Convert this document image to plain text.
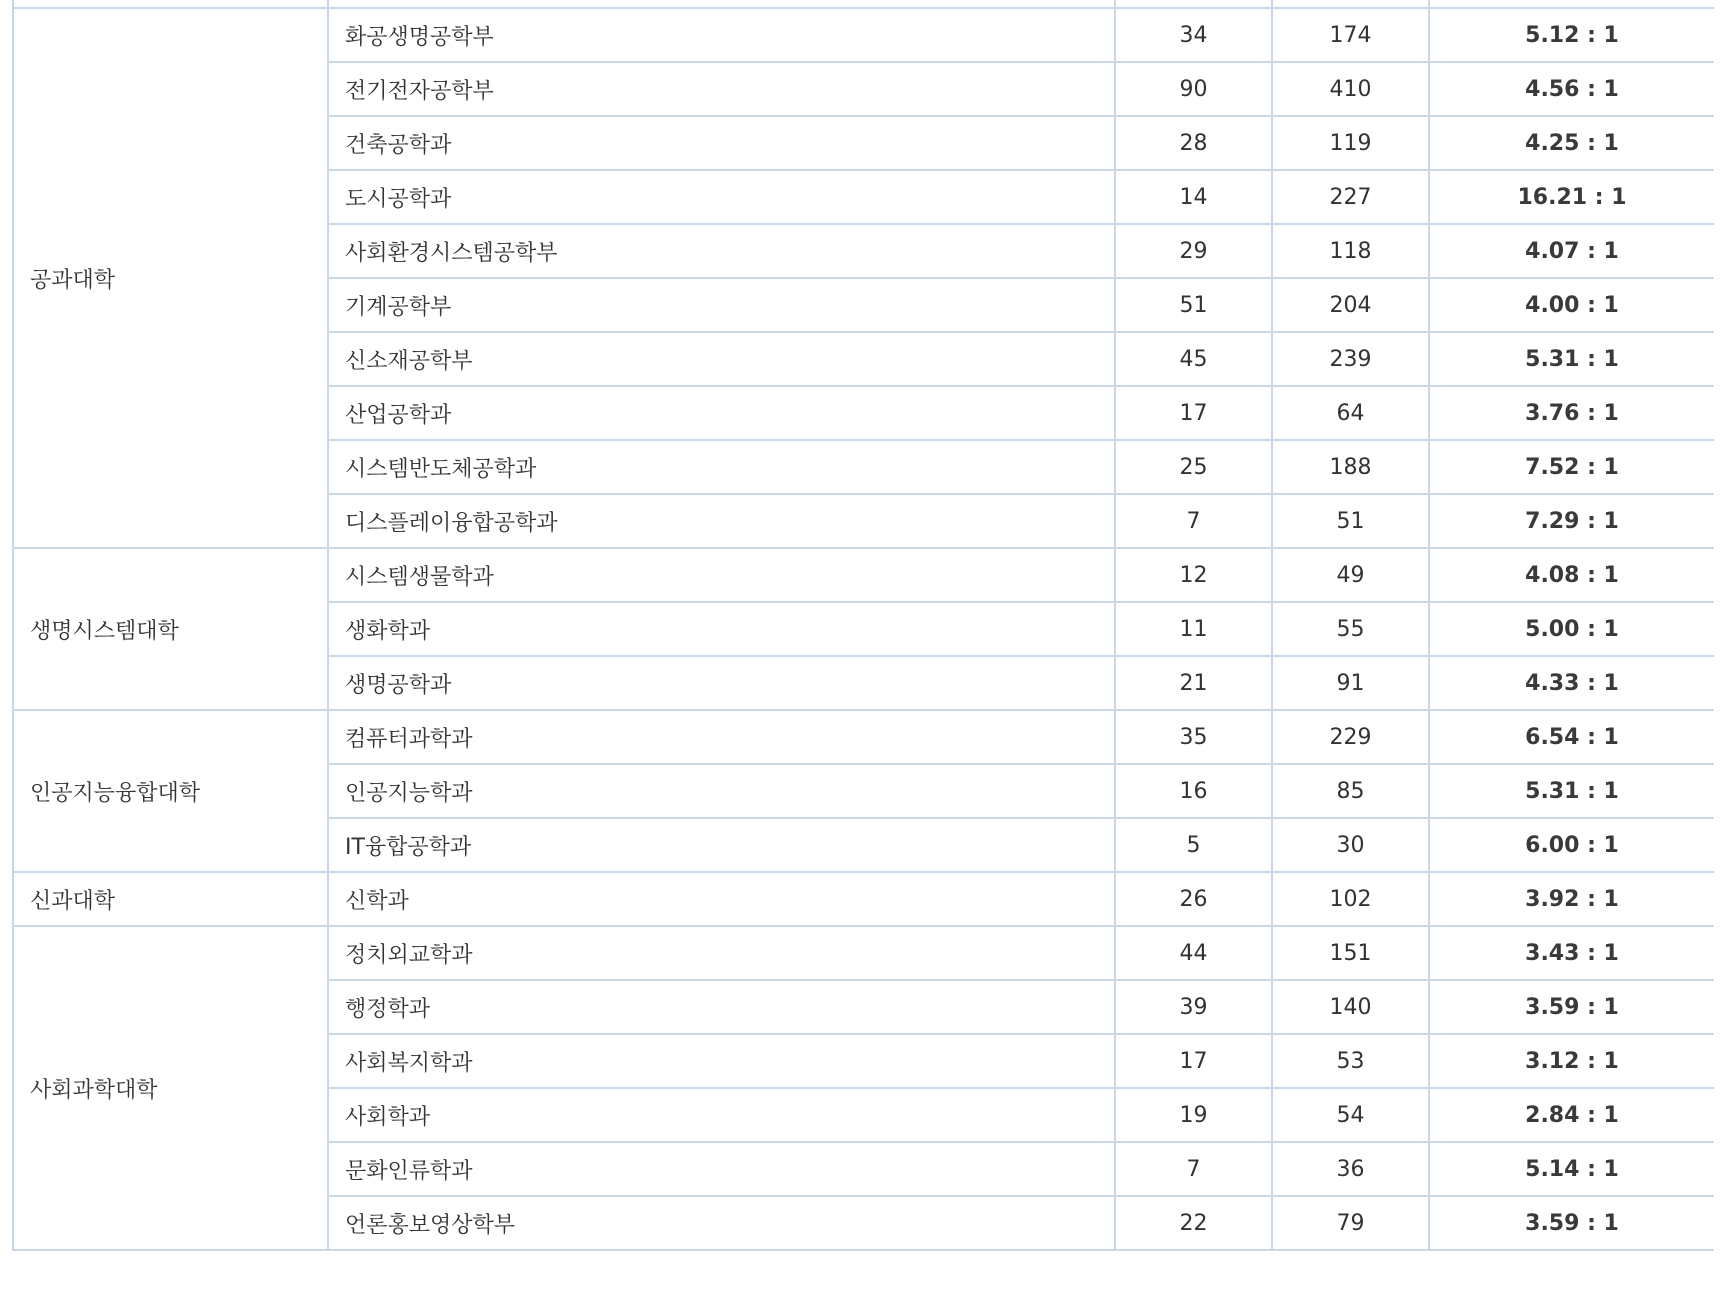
공과대학	화공생명공학부	34	174	5.12 : 1
	전기전자공학부	90	410	4.56 : 1
	건축공학과	28	119	4.25 : 1
	도시공학과	14	227	16.21 : 1
	사회환경시스템공학부	29	118	4.07 : 1
	기계공학부	51	204	4.00 : 1
	신소재공학부	45	239	5.31 : 1
	산업공학과	17	64	3.76 : 1
	시스템반도체공학과	25	188	7.52 : 1
	디스플레이융합공학과	7	51	7.29 : 1
생명시스템대학	시스템생물학과	12	49	4.08 : 1
	생화학과	11	55	5.00 : 1
	생명공학과	21	91	4.33 : 1
인공지능융합대학	컴퓨터과학과	35	229	6.54 : 1
	인공지능학과	16	85	5.31 : 1
	IT융합공학과	5	30	6.00 : 1
신과대학	신학과	26	102	3.92 : 1
사회과학대학	정치외교학과	44	151	3.43 : 1
	행정학과	39	140	3.59 : 1
	사회복지학과	17	53	3.12 : 1
	사회학과	19	54	2.84 : 1
	문화인류학과	7	36	5.14 : 1
	언론홍보영상학부	22	79	3.59 : 1
